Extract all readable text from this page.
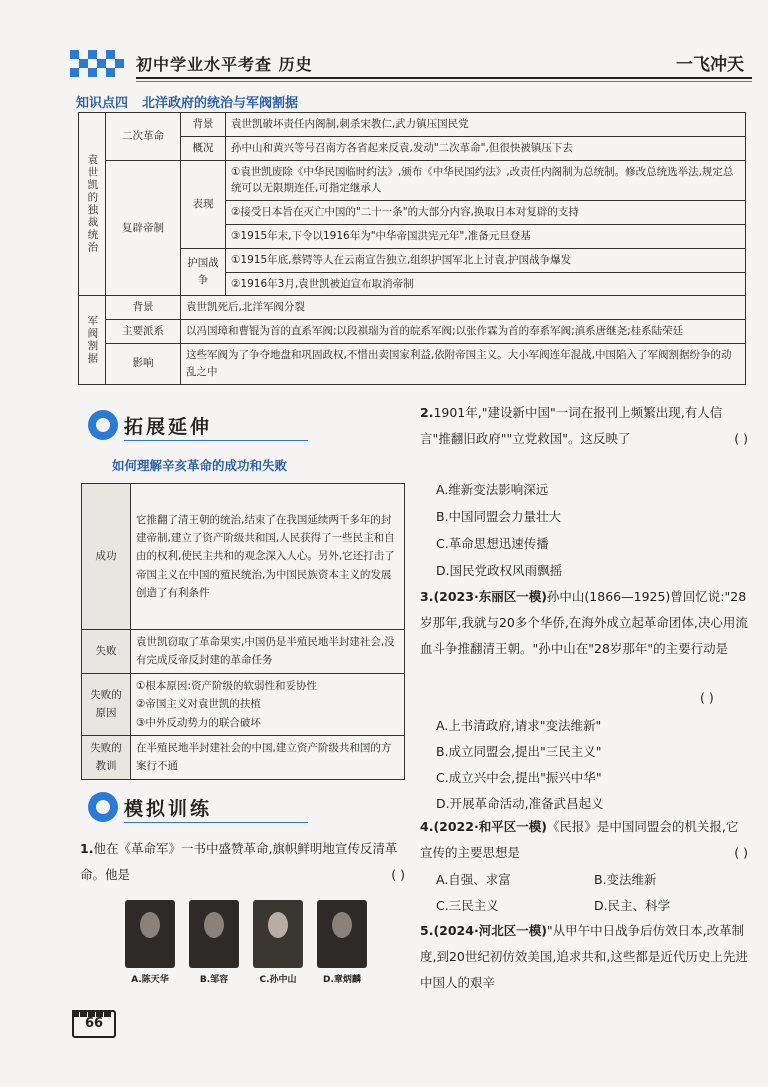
初中学业水平考查 历史	一飞冲天
知识点四 北洋政府的统治与军阀割据
袁世凯的独裁统治	二次革命	背景	袁世凯破坏责任内阁制,刺杀宋教仁,武力镇压国民党
		概况	孙中山和黄兴等号召南方各省起来反袁,发动"二次革命",但很快被镇压下去
	复辟帝制	表现	①袁世凯废除《中华民国临时约法》,颁布《中华民国约法》,改责任内阁制为总统制。修改总统选举法,规定总统可以无限期连任,可指定继承人
			②接受日本旨在灭亡中国的"二十一条"的大部分内容,换取日本对复辟的支持
			③1915年末,下令以1916年为"中华帝国洪宪元年",准备元旦登基
		护国战争	①1915年底,蔡锷等人在云南宣告独立,组织护国军北上讨袁,护国战争爆发
			②1916年3月,袁世凯被迫宣布取消帝制
军阀割据	背景	袁世凯死后,北洋军阀分裂	
	主要派系	以冯国璋和曹锟为首的直系军阀;以段祺瑞为首的皖系军阀;以张作霖为首的奉系军阀;滇系唐继尧;桂系陆荣廷	
	影响	这些军阀为了争夺地盘和巩固政权,不惜出卖国家利益,依附帝国主义。大小军阀连年混战,中国陷入了军阀割据纷争的动乱之中	
拓展延伸
如何理解辛亥革命的成功和失败
成功	它推翻了清王朝的统治,结束了在我国延续两千多年的封建帝制,建立了资产阶级共和国,人民获得了一些民主和自由的权利,使民主共和的观念深入人心。另外,它还打击了帝国主义在中国的殖民统治,为中国民族资本主义的发展创造了有利条件
失败	袁世凯窃取了革命果实,中国仍是半殖民地半封建社会,没有完成反帝反封建的革命任务
失败的原因	①根本原因:资产阶级的软弱性和妥协性
②帝国主义对袁世凯的扶植
③中外反动势力的联合破坏
失败的教训	在半殖民地半封建社会的中国,建立资产阶级共和国的方案行不通
模拟训练
1.他在《革命军》一书中盛赞革命,旗帜鲜明地宣传反清革命。他是	( )
A.陈天华	B.邹容	C.孙中山	D.章炳麟
2.1901年,"建设新中国"一词在报刊上频繁出现,有人信言"推翻旧政府""立党救国"。这反映了	( )
A.维新变法影响深远
B.中国同盟会力量壮大
C.革命思想迅速传播
D.国民党政权风雨飘摇
3.(2023·东丽区一模)孙中山(1866—1925)曾回忆说:"28岁那年,我就与20多个华侨,在海外成立起革命团体,决心用流血斗争推翻清王朝。"孙中山在"28岁那年"的主要行动是
( )
A.上书清政府,请求"变法维新"
B.成立同盟会,提出"三民主义"
C.成立兴中会,提出"振兴中华"
D.开展革命活动,准备武昌起义
4.(2022·和平区一模)《民报》是中国同盟会的机关报,它宣传的主要思想是	( )
A.自强、求富	B.变法维新
C.三民主义	D.民主、科学
5.(2024·河北区一模)"从甲午中日战争后仿效日本,改革制度,到20世纪初仿效美国,追求共和,这些都是近代历史上先进中国人的艰辛
66
